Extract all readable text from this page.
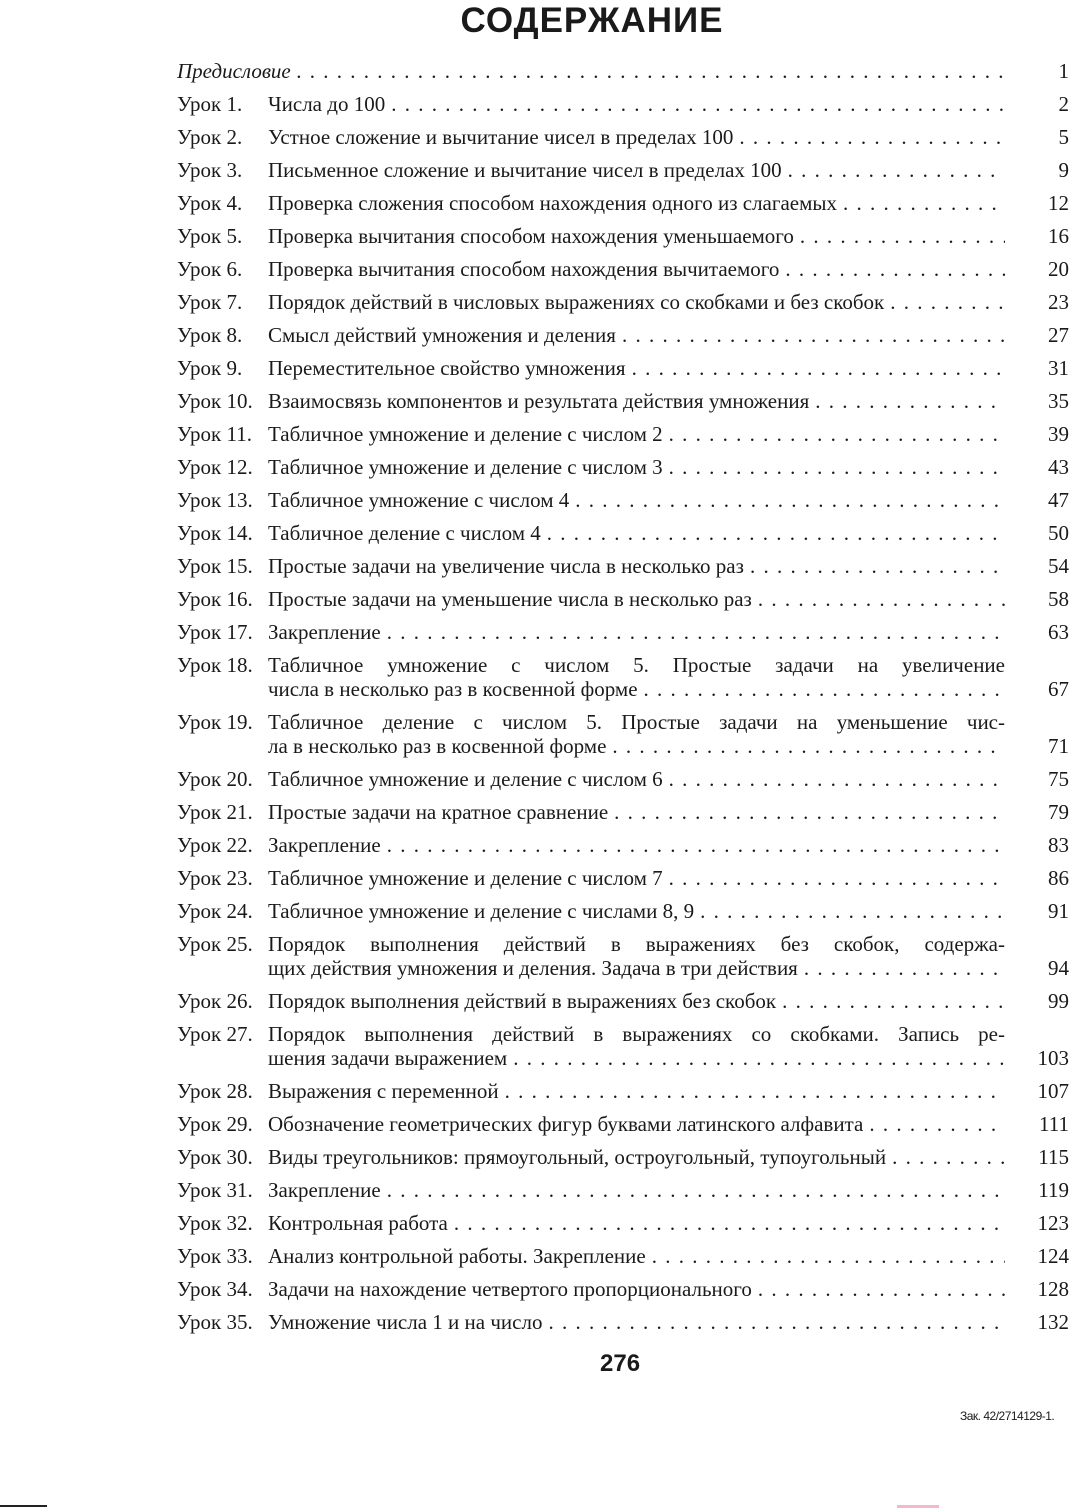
СОДЕРЖАНИЕ
Предисловие . . .	1
Урок 1.	Числа до 100 . . .	2
Урок 2.	Устное сложение и вычитание чисел в пределах 100 . . .	5
Урок 3.	Письменное сложение и вычитание чисел в пределах 100 . . .	9
Урок 4.	Проверка сложения способом нахождения одного из слагаемых . . .	12
Урок 5.	Проверка вычитания способом нахождения уменьшаемого . . .	16
Урок 6.	Проверка вычитания способом нахождения вычитаемого . . .	20
Урок 7.	Порядок действий в числовых выражениях со скобками и без скобок . . .	23
Урок 8.	Смысл действий умножения и деления . . .	27
Урок 9.	Переместительное свойство умножения . . .	31
Урок 10. Взаимосвязь компонентов и результата действия умножения . . .	35
Урок 11. Табличное умножение и деление с числом 2 . . .	39
Урок 12. Табличное умножение и деление с числом 3 . . .	43
Урок 13. Табличное умножение с числом 4 . . .	47
Урок 14. Табличное деление с числом 4 . . .	50
Урок 15. Простые задачи на увеличение числа в несколько раз . . .	54
Урок 16. Простые задачи на уменьшение числа в несколько раз . . .	58
Урок 17. Закрепление . . .	63
Урок 18. Табличное умножение с числом 5. Простые задачи на увеличение
числа в несколько раз в косвенной форме . . .	67
Урок 19. Табличное деление с числом 5. Простые задачи на уменьшение чис-
ла в несколько раз в косвенной форме . . .	71
Урок 20. Табличное умножение и деление с числом 6 . . .	75
Урок 21. Простые задачи на кратное сравнение . . .	79
Урок 22. Закрепление . . .	83
Урок 23. Табличное умножение и деление с числом 7 . . .	86
Урок 24. Табличное умножение и деление с числами 8, 9 . . .	91
Урок 25. Порядок выполнения действий в выражениях без скобок, содержа-
щих действия умножения и деления. Задача в три действия . . .	94
Урок 26. Порядок выполнения действий в выражениях без скобок . . .	99
Урок 27. Порядок выполнения действий в выражениях со скобками. Запись ре-
шения задачи выражением . . .	103
Урок 28. Выражения с переменной . . .	107
Урок 29. Обозначение геометрических фигур буквами латинского алфавита . . .	111
Урок 30. Виды треугольников: прямоугольный, остроугольный, тупоугольный . . .	115
Урок 31. Закрепление . . .	119
Урок 32. Контрольная работа . . .	123
Урок 33. Анализ контрольной работы. Закрепление . . .	124
Урок 34. Задачи на нахождение четвертого пропорционального . . .	128
Урок 35. Умножение числа 1 и на число . . .	132
276
Зак. 42/2714129-1.
